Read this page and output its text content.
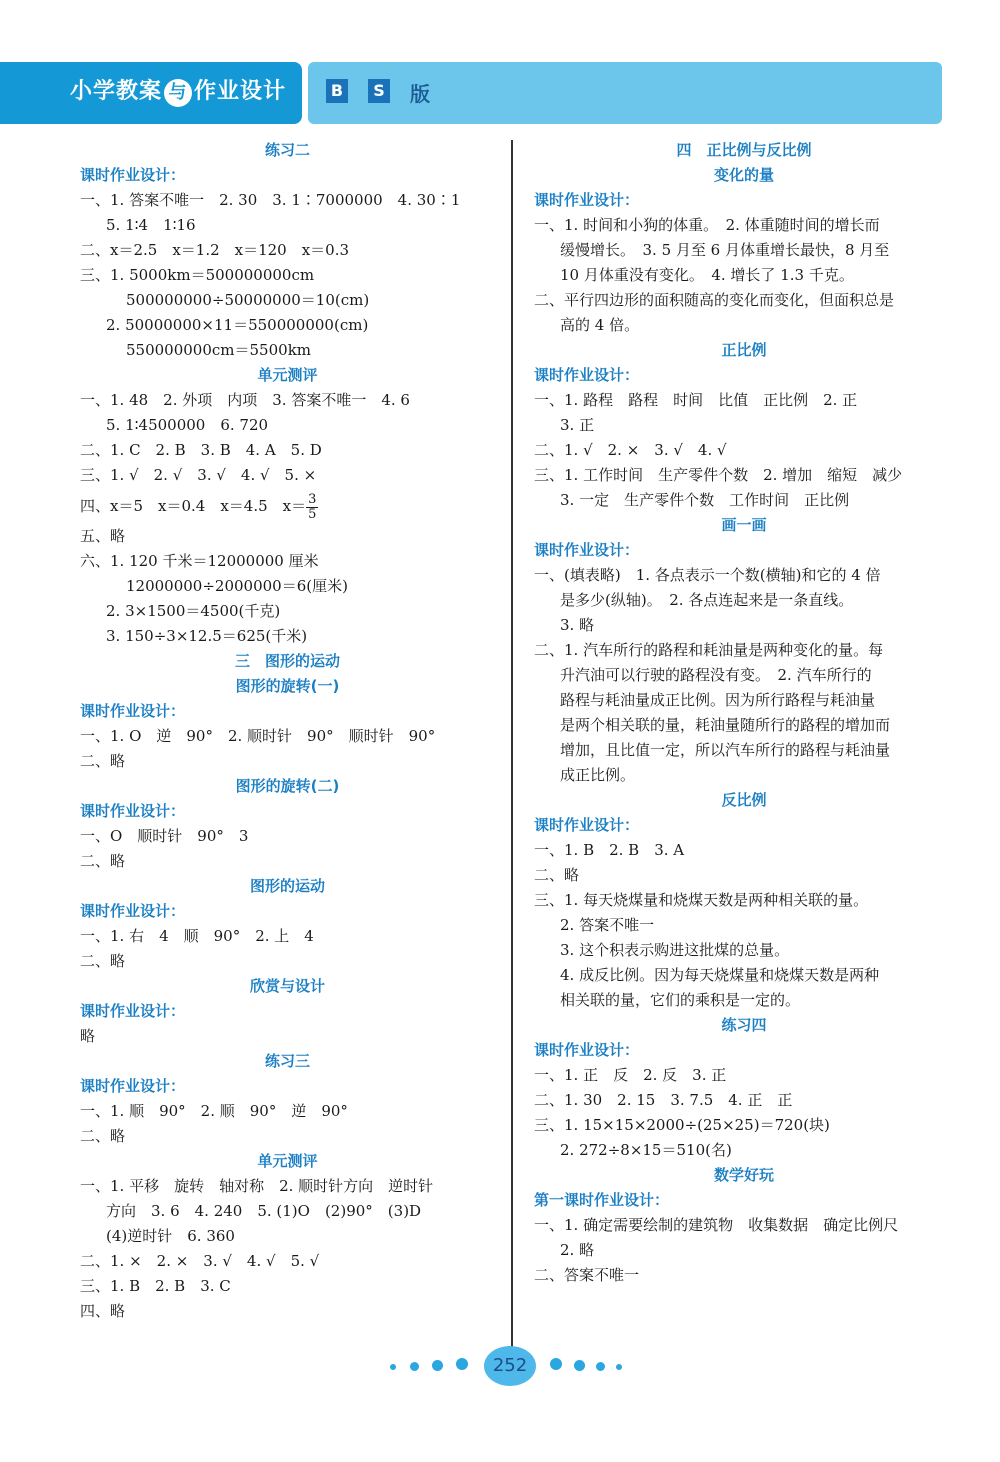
小学教案 与 作业设计	B	S 版
练习二
课时作业设计：
一、1. 答案不唯一　2. 30　3. 1∶7000000　4. 30∶1
5. 1∶4　1∶16
二、x＝2.5　x＝1.2　x＝120　x＝0.3
三、1. 5000km＝500000000cm
500000000÷50000000＝10(cm)
2. 50000000×11＝550000000(cm)
550000000cm＝5500km
单元测评
一、1. 48　2. 外项　内项　3. 答案不唯一　4. 6
5. 1∶4500000　6. 720
二、1. C　2. B　3. B　4. A　5. D
三、1. √　2. √　3. √　4. √　5. ×
四、x＝5　x＝0.4　x＝4.5　$x= \frac{3}{5}$
五、略
六、1. 120 千米＝12000000 厘米
12000000÷2000000＝6(厘米)
2. 3×1500＝4500(千克)
3. 150÷3×12.5＝625(千米)
三　图形的运动
图形的旋转(一)
课时作业设计：
一、1. O　逆　90°　2. 顺时针　90°　顺时针　90°
二、略
图形的旋转(二)
课时作业设计：
一、O　顺时针　90°　3
二、略
图形的运动
课时作业设计：
一、1. 右　4　顺　90°　2. 上　4
二、略
欣赏与设计
课时作业设计：
略
练习三
课时作业设计：
一、1. 顺　90°　2. 顺　90°　逆　90°
二、略
单元测评
一、1. 平移　旋转　轴对称　2. 顺时针方向　逆时针
方向　3. 6　4. 240　5. (1)O　(2)90°　(3)D
(4)逆时针　6. 360
二、1. ×　2. ×　3. √　4. √　5. √
三、1. B　2. B　3. C
四、略
四　正比例与反比例
变化的量
课时作业设计：
一、1. 时间和小狗的体重。　2. 体重随时间的增长而
缓慢增长。　3. 5 月至 6 月体重增长最快，8 月至
10 月体重没有变化。　4. 增长了 1.3 千克。
二、平行四边形的面积随高的变化而变化，但面积总是
高的 4 倍。
正比例
课时作业设计：
一、1. 路程　路程　时间　比值　正比例　2. 正
3. 正
二、1. √　2. ×　3. √　4. √
三、1. 工作时间　生产零件个数　2. 增加　缩短　减少
3. 一定　生产零件个数　工作时间　正比例
画一画
课时作业设计：
一、(填表略)　1. 各点表示一个数(横轴)和它的 4 倍
是多少(纵轴)。　2. 各点连起来是一条直线。
3. 略
二、1. 汽车所行的路程和耗油量是两种变化的量。每
升汽油可以行驶的路程没有变。　2. 汽车所行的
路程与耗油量成正比例。因为所行路程与耗油量
是两个相关联的量，耗油量随所行的路程的增加而
增加，且比值一定，所以汽车所行的路程与耗油量
成正比例。
反比例
课时作业设计：
一、1. B　2. B　3. A
二、略
三、1. 每天烧煤量和烧煤天数是两种相关联的量。
2. 答案不唯一
3. 这个积表示购进这批煤的总量。
4. 成反比例。因为每天烧煤量和烧煤天数是两种
相关联的量，它们的乘积是一定的。
练习四
课时作业设计：
一、1. 正　反　2. 反　3. 正
二、1. 30　2. 15　3. 7.5　4. 正　正
三、1. 15×15×2000÷(25×25)＝720(块)
2. 272÷8×15＝510(名)
数学好玩
第一课时作业设计：
一、1. 确定需要绘制的建筑物　收集数据　确定比例尺
2. 略
二、答案不唯一
252
